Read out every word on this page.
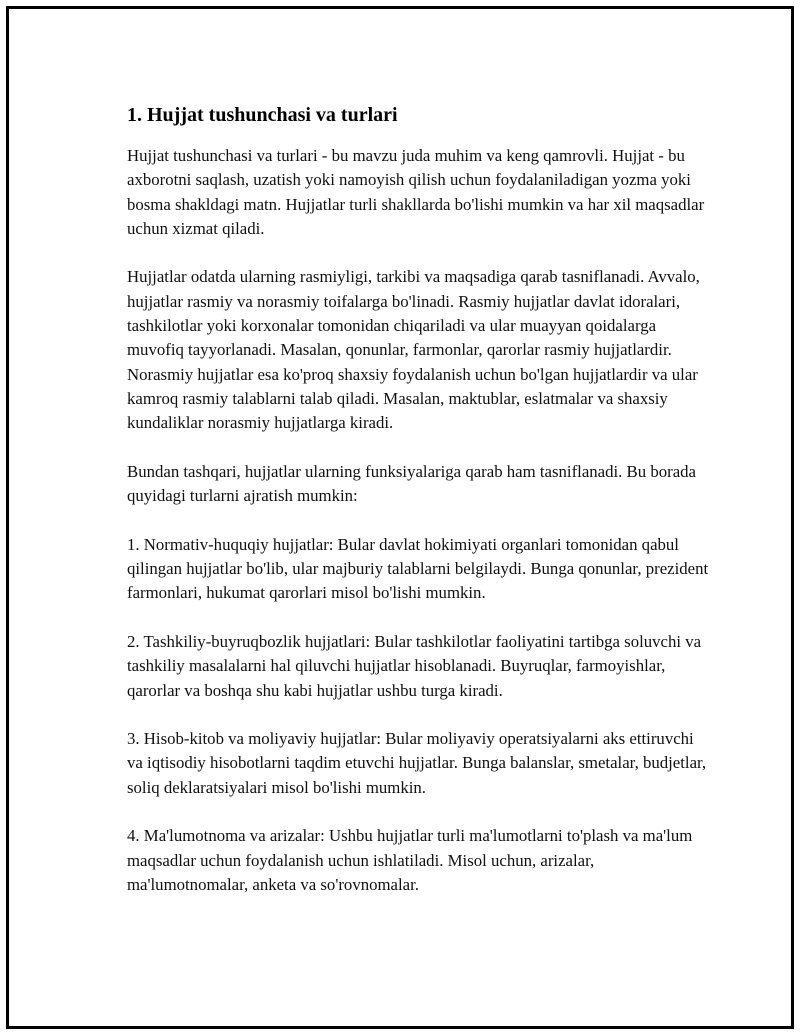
1. Hujjat tushunchasi va turlari

Hujjat tushunchasi va turlari - bu mavzu juda muhim va keng qamrovli. Hujjat - bu axborotni saqlash, uzatish yoki namoyish qilish uchun foydalaniladigan yozma yoki bosma shakldagi matn. Hujjatlar turli shakllarda bo'lishi mumkin va har xil maqsadlar uchun xizmat qiladi.

Hujjatlar odatda ularning rasmiyligi, tarkibi va maqsadiga qarab tasniflanadi. Avvalo, hujjatlar rasmiy va norasmiy toifalarga bo'linadi. Rasmiy hujjatlar davlat idoralari, tashkilotlar yoki korxonalar tomonidan chiqariladi va ular muayyan qoidalarga muvofiq tayyorlanadi. Masalan, qonunlar, farmonlar, qarorlar rasmiy hujjatlardir. Norasmiy hujjatlar esa ko'proq shaxsiy foydalanish uchun bo'lgan hujjatlardir va ular kamroq rasmiy talablarni talab qiladi. Masalan, maktublar, eslatmalar va shaxsiy kundaliklar norasmiy hujjatlarga kiradi.

Bundan tashqari, hujjatlar ularning funksiyalariga qarab ham tasniflanadi. Bu borada quyidagi turlarni ajratish mumkin:

1. Normativ-huquqiy hujjatlar: Bular davlat hokimiyati organlari tomonidan qabul qilingan hujjatlar bo'lib, ular majburiy talablarni belgilaydi. Bunga qonunlar, prezident farmonlari, hukumat qarorlari misol bo'lishi mumkin.

2. Tashkiliy-buyruqbozlik hujjatlari: Bular tashkilotlar faoliyatini tartibga soluvchi va tashkiliy masalalarni hal qiluvchi hujjatlar hisoblanadi. Buyruqlar, farmoyishlar, qarorlar va boshqa shu kabi hujjatlar ushbu turga kiradi.

3. Hisob-kitob va moliyaviy hujjatlar: Bular moliyaviy operatsiyalarni aks ettiruvchi va iqtisodiy hisobotlarni taqdim etuvchi hujjatlar. Bunga balanslar, smetalar, budjetlar, soliq deklaratsiyalari misol bo'lishi mumkin.

4. Ma'lumotnoma va arizalar: Ushbu hujjatlar turli ma'lumotlarni to'plash va ma'lum maqsadlar uchun foydalanish uchun ishlatiladi. Misol uchun, arizalar, ma'lumotnomalar, anketa va so'rovnomalar.
